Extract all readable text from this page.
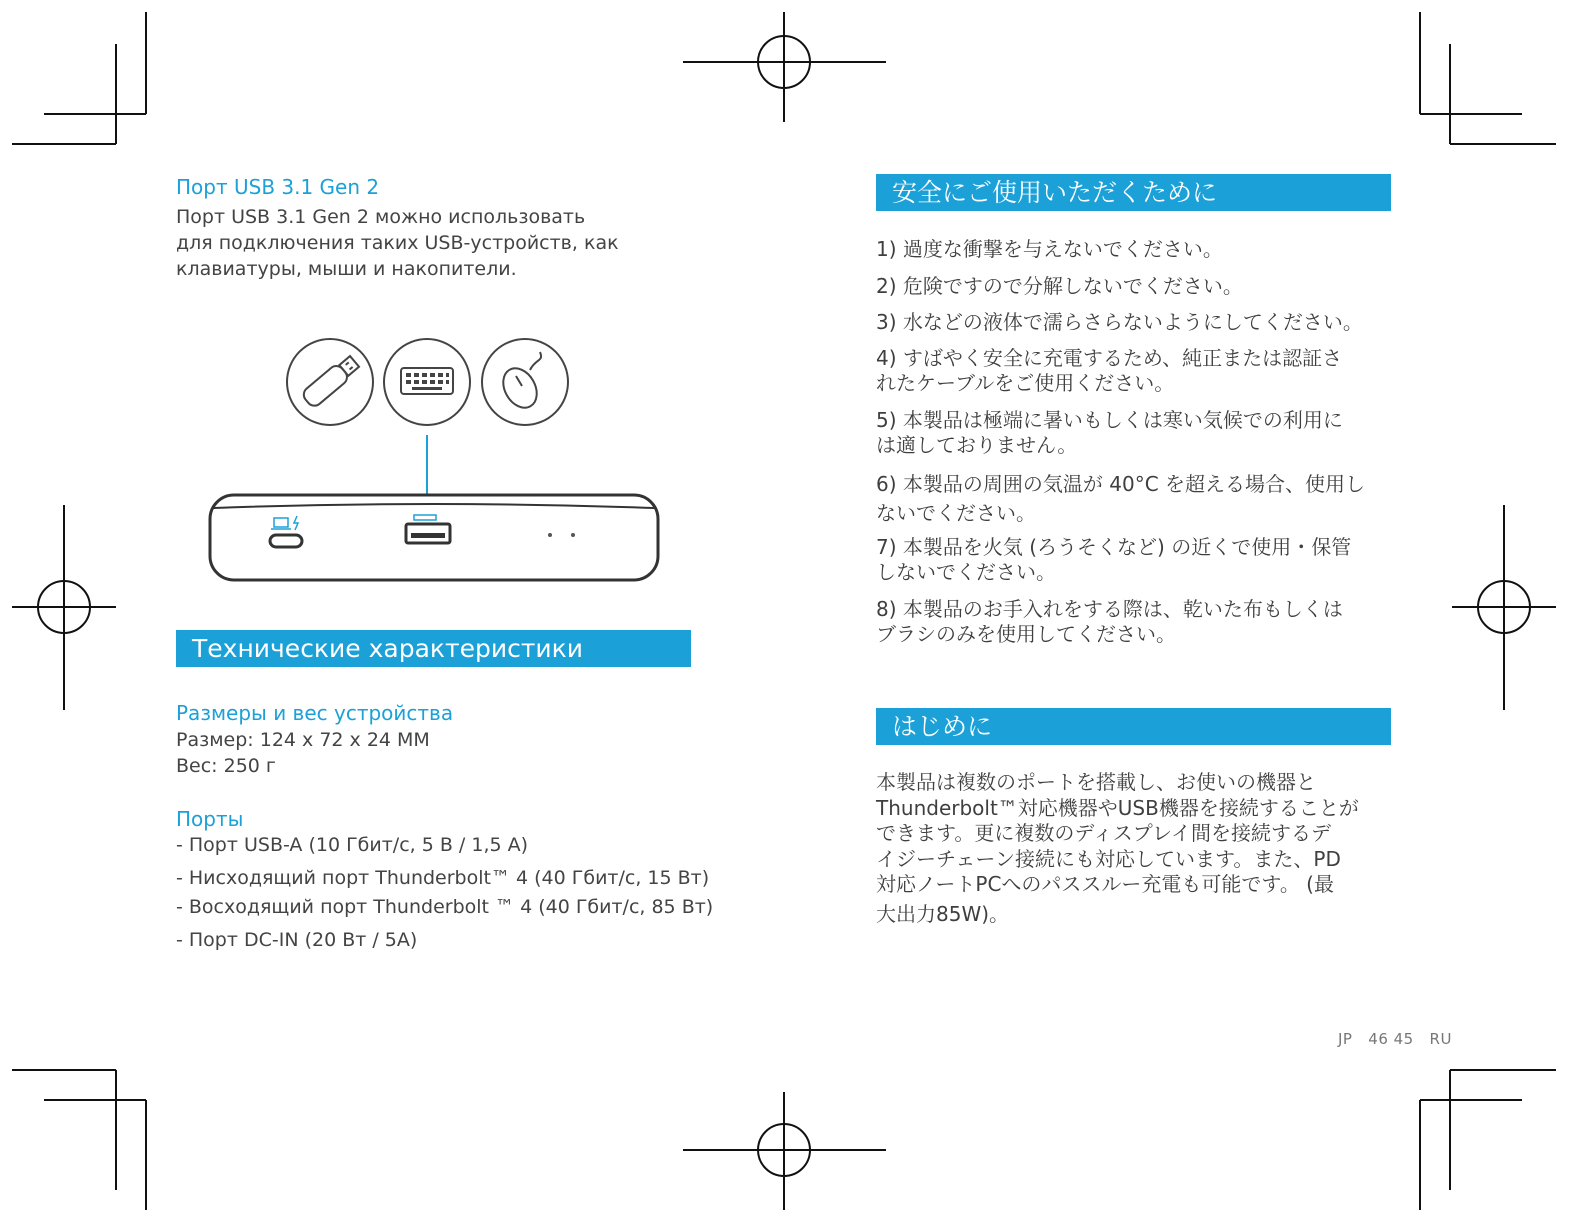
Порт USB 3.1 Gen 2
Порт USB 3.1 Gen 2 можно использовать
для подключения таких USB-устройств, как
клавиатуры, мыши и накопители.
Технические характеристики
Размеры и вес устройства
Размер: 124 x 72 x 24 MM
Вес: 250 г
Порты
- Порт USB-A (10 Гбит/с, 5 В / 1,5 А)
- Нисходящий порт Thunderbolt™ 4 (40 Гбит/с, 15 Вт)
- Восходящий порт Thunderbolt ™ 4 (40 Гбит/с, 85 Вт)
- Порт DC-IN (20 Вт / 5А)
安全にご使用いただくために
1) 過度な衝撃を与えないでください。
2) 危険ですので分解しないでください。
3) 水などの液体で濡らさらないようにしてください。
4) すばやく安全に充電するため、純正または認証さ
れたケーブルをご使用ください。
5) 本製品は極端に暑いもしくは寒い気候での利用に
は適しておりません。
6) 本製品の周囲の気温が 40°C を超える場合、使用し
ないでください。
7) 本製品を火気 (ろうそくなど) の近くで使用・保管
しないでください。
8) 本製品のお手入れをする際は、乾いた布もしくは
ブラシのみを使用してください。
はじめに
本製品は複数のポートを搭載し、お使いの機器と
Thunderbolt™対応機器やUSB機器を接続することが
できます。更に複数のディスプレイ間を接続するデ
イジーチェーン接続にも対応しています。また、PD
対応ノートPCへのパススルー充電も可能です。 (最
大出力85W)。
JP   46 45   RU
